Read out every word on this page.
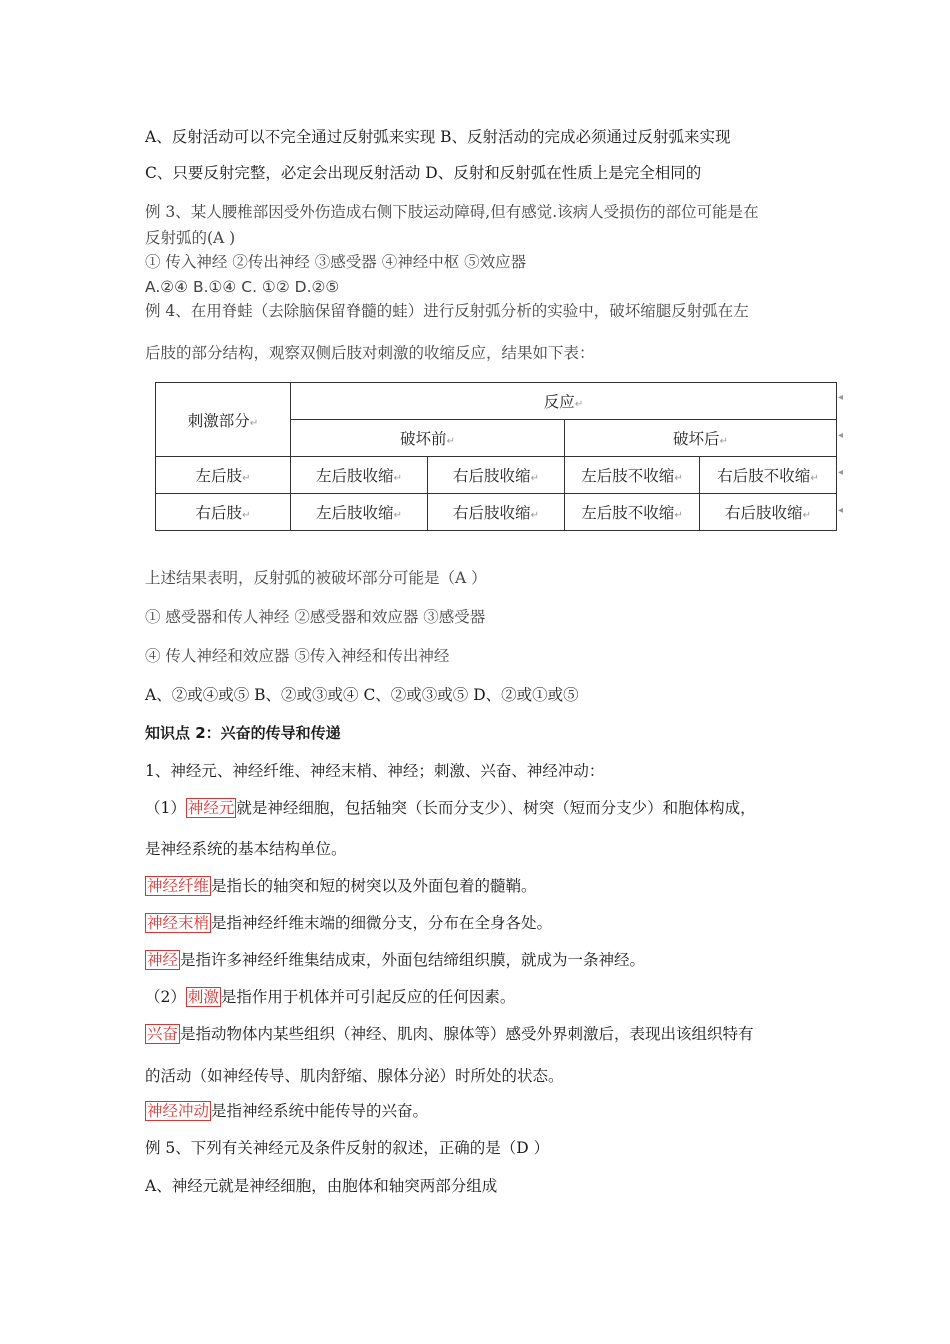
A、反射活动可以不完全通过反射弧来实现 B、反射活动的完成必须通过反射弧来实现
C、只要反射完整，必定会出现反射活动 D、反射和反射弧在性质上是完全相同的
例 3、某人腰椎部因受外伤造成右侧下肢运动障碍,但有感觉.该病人受损伤的部位可能是在
反射弧的(A )
① 传入神经 ②传出神经 ③感受器 ④神经中枢 ⑤效应器
A.②④ B.①④ C. ①② D.②⑤
例 4、在用脊蛙（去除脑保留脊髓的蛙）进行反射弧分析的实验中，破坏缩腿反射弧在左
后肢的部分结构，观察双侧后肢对刺激的收缩反应，结果如下表：
刺激部分↵	反应↵			
	破坏前↵		破坏后↵	
左后肢↵	左后肢收缩↵	右后肢收缩↵	左后肢不收缩↵	右后肢不收缩↵
右后肢↵	左后肢收缩↵	右后肢收缩↵	左后肢不收缩↵	右后肢收缩↵
◂
◂
◂
◂
上述结果表明，反射弧的被破坏部分可能是（A ）
① 感受器和传人神经 ②感受器和效应器 ③感受器
④ 传人神经和效应器 ⑤传入神经和传出神经
A、②或④或⑤ B、②或③或④ C、②或③或⑤ D、②或①或⑤
知识点 2：兴奋的传导和传递
1、神经元、神经纤维、神经末梢、神经；刺激、兴奋、神经冲动：
（1） 神经元 就是神经细胞，包括轴突（长而分支少）、树突（短而分支少）和胞体构成，
是神经系统的基本结构单位。
神经纤维 是指长的轴突和短的树突以及外面包着的髓鞘。
神经末梢 是指神经纤维末端的细微分支，分布在全身各处。
神经 是指许多神经纤维集结成束，外面包结缔组织膜，就成为一条神经。
（2） 刺激 是指作用于机体并可引起反应的任何因素。
兴奋 是指动物体内某些组织（神经、肌肉、腺体等）感受外界刺激后，表现出该组织特有
的活动（如神经传导、肌肉舒缩、腺体分泌）时所处的状态。
神经冲动 是指神经系统中能传导的兴奋。
例 5、下列有关神经元及条件反射的叙述，正确的是（D ）
A、神经元就是神经细胞，由胞体和轴突两部分组成
